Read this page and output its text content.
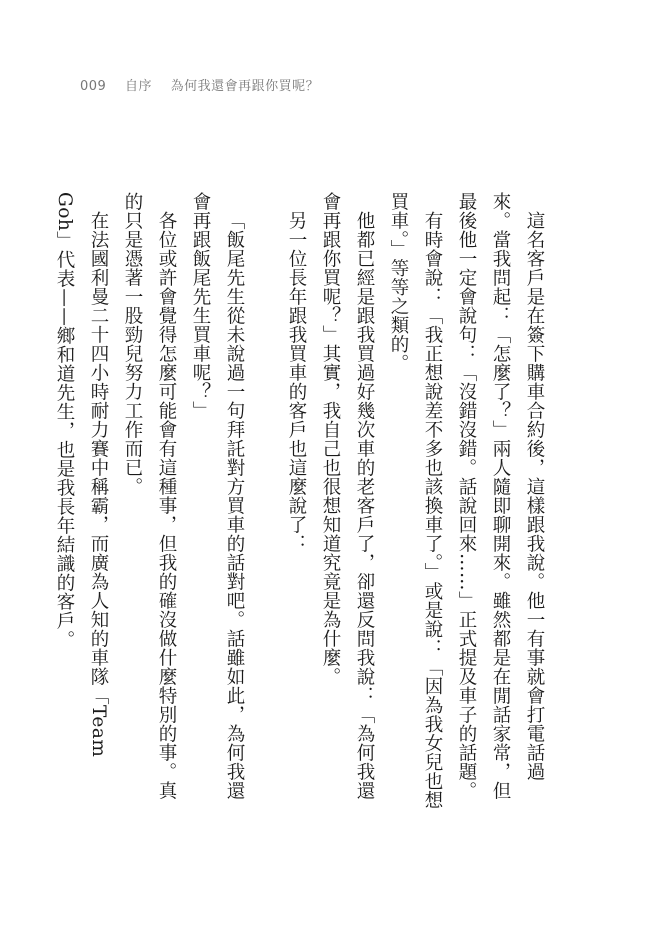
009 自序 為何我還會再跟你買呢？

這名客戶是在簽下購車合約後，這樣跟我說。他一有事就會打電話過來。當我問起：「怎麼了？」兩人隨即聊開來。雖然都是在閒話家常，但最後他一定會說句：「沒錯沒錯。話說回來……」正式提及車子的話題。

有時會說：「我正想說差不多也該換車了。」或是說：「因為我女兒也想買車。」等等之類的。

他都已經是跟我買過好幾次車的老客戶了，卻還反問我說：「為何我還會再跟你買呢？」其實，我自己也很想知道究竟是為什麼。

另一位長年跟我買車的客戶也這麼說了：

「飯尾先生從未說過一句拜託對方買車的話對吧。話雖如此，為何我還會再跟飯尾先生買車呢？」

各位或許會覺得怎麼可能會有這種事，但我的確沒做什麼特別的事。真的只是憑著一股勁兒努力工作而已。

在法國利曼二十四小時耐力賽中稱霸，而廣為人知的車隊「Team Goh」代表——鄉和道先生，也是我長年結識的客戶。
